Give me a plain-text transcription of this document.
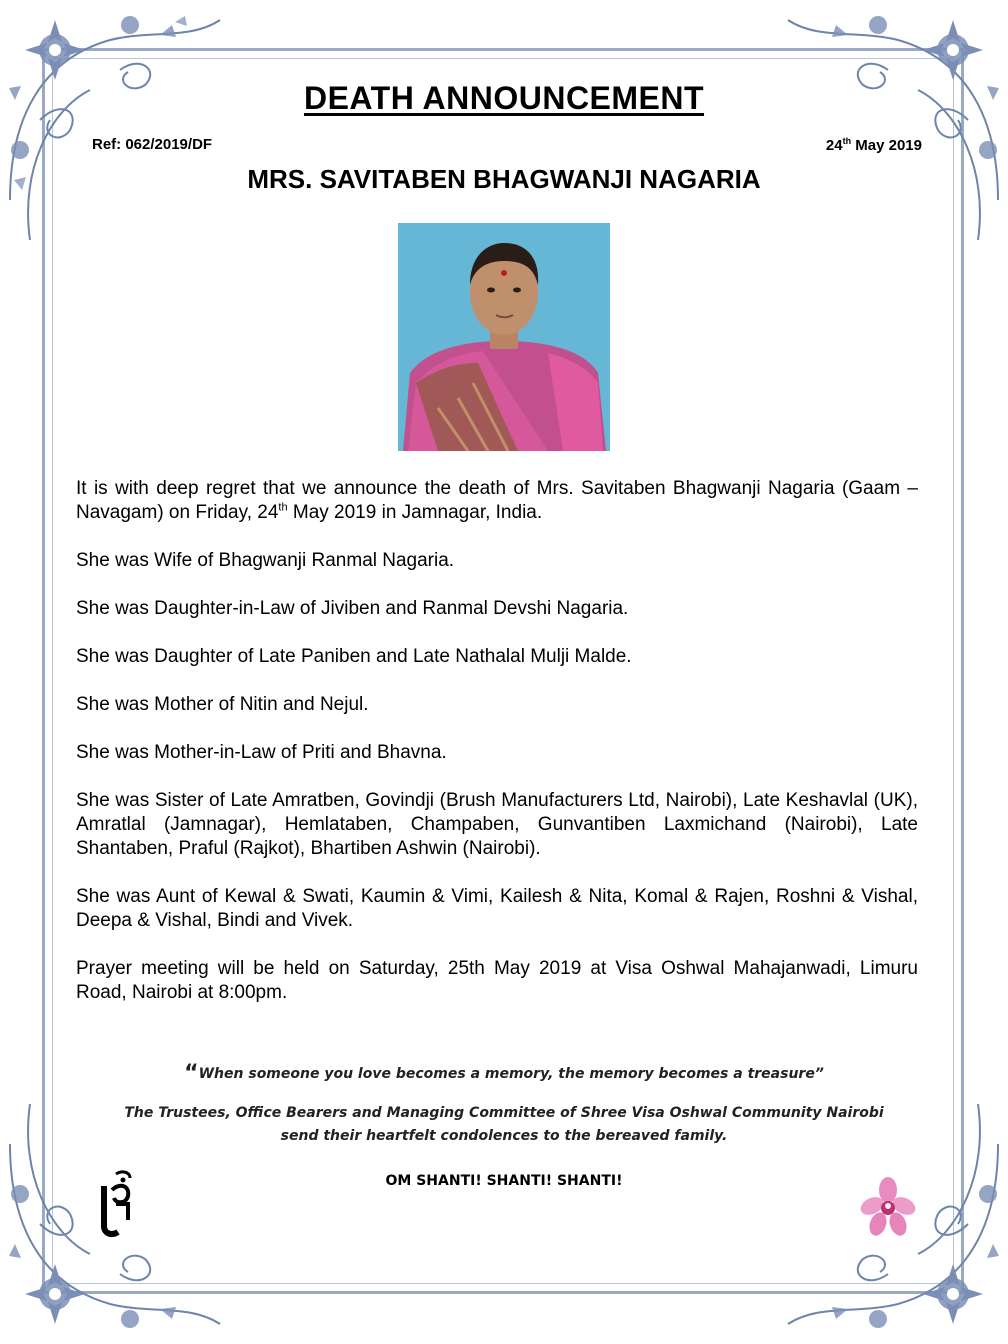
DEATH ANNOUNCEMENT
Ref: 062/2019/DF	24th May 2019
MRS. SAVITABEN BHAGWANJI NAGARIA

It is with deep regret that we announce the death of Mrs. Savitaben Bhagwanji Nagaria (Gaam – Navagam) on Friday, 24th May 2019 in Jamnagar, India.

She was Wife of Bhagwanji Ranmal Nagaria.

She was Daughter-in-Law of Jiviben and Ranmal Devshi Nagaria.

She was Daughter of Late Paniben and Late Nathalal Mulji Malde.

She was Mother of Nitin and Nejul.

She was Mother-in-Law of Priti and Bhavna.

She was Sister of Late Amratben, Govindji (Brush Manufacturers Ltd, Nairobi), Late Keshavlal (UK), Amratlal (Jamnagar), Hemlataben, Champaben, Gunvantiben Laxmichand (Nairobi), Late Shantaben, Praful (Rajkot), Bhartiben Ashwin (Nairobi).

She was Aunt of Kewal & Swati, Kaumin & Vimi, Kailesh & Nita, Komal & Rajen, Roshni & Vishal, Deepa & Vishal, Bindi and Vivek.

Prayer meeting will be held on Saturday, 25th May 2019 at Visa Oshwal Mahajanwadi, Limuru Road, Nairobi at 8:00pm.

“When someone you love becomes a memory, the memory becomes a treasure”
The Trustees, Office Bearers and Managing Committee of Shree Visa Oshwal Community Nairobi
send their heartfelt condolences to the bereaved family.
OM SHANTI! SHANTI! SHANTI!
